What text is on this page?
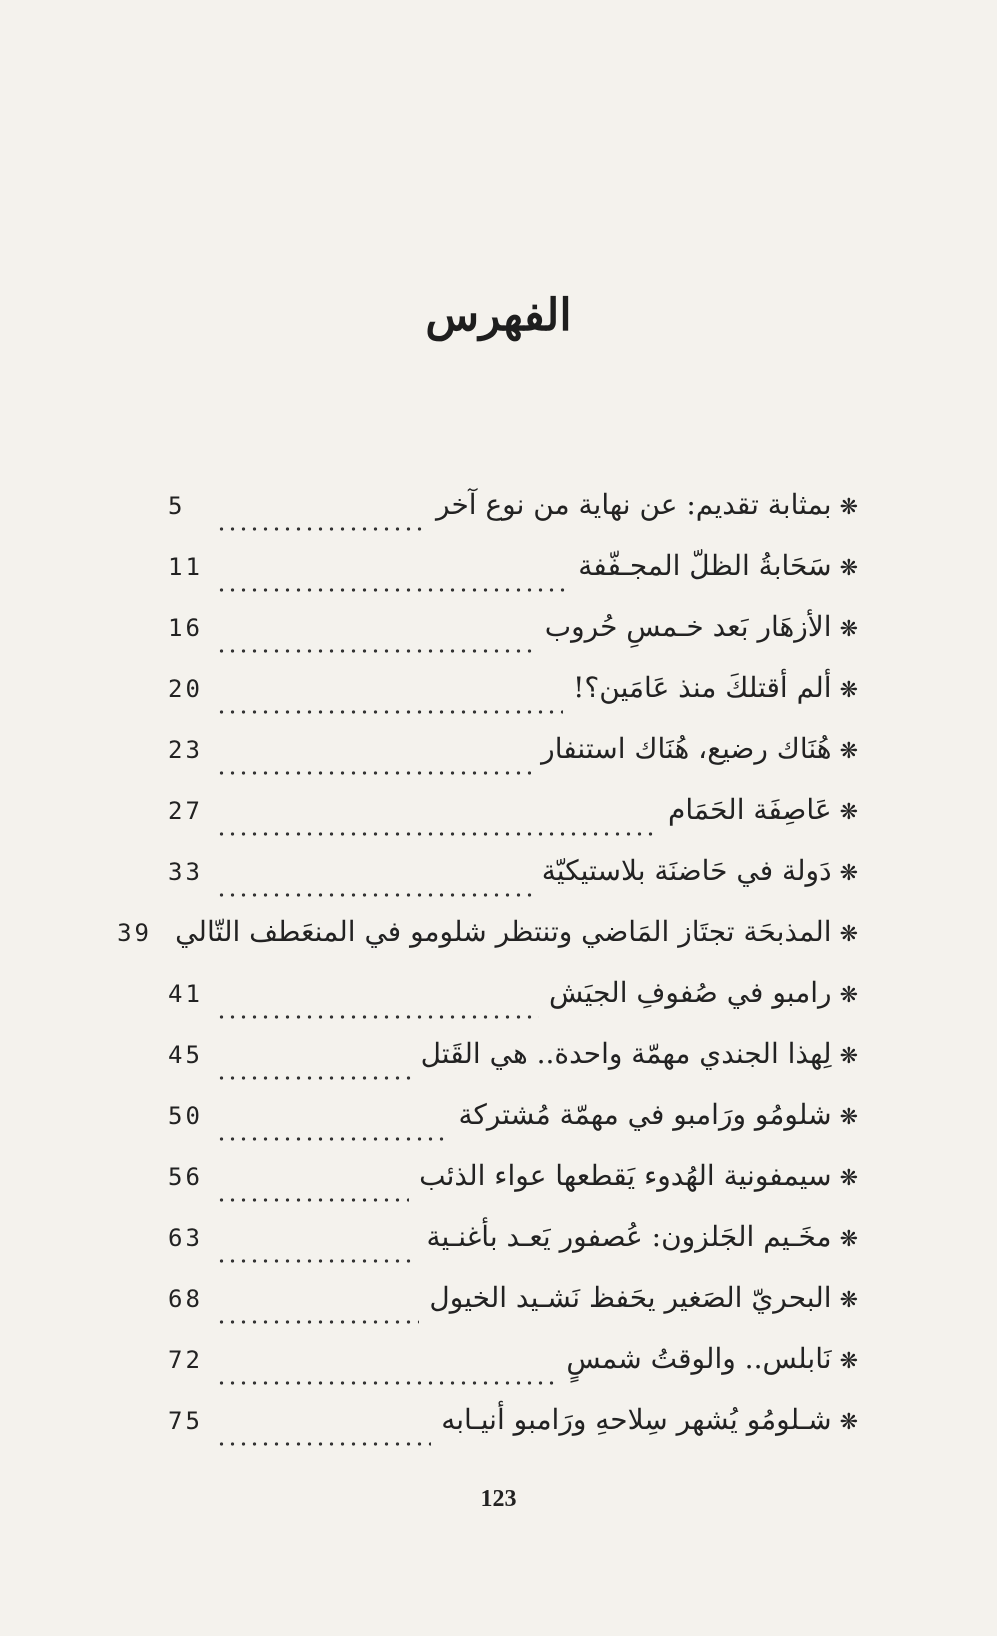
الفهرس
❋
بمثابة تقديم: عن نهاية من نوع آخر
5
❋
سَحَابةُ الظلّ المجـفّفة
11
❋
الأزهَار بَعد خـمسِ حُروب
16
❋
ألم أقتلكَ منذ عَامَين؟!
20
❋
هُنَاك رضيع، هُنَاك استنفار
23
❋
عَاصِفَة الحَمَام
27
❋
دَولة في حَاضنَة بلاستيكيّة
33
❋
المذبحَة تجتَاز المَاضي وتنتظر شلومو في المنعَطف التّالي
39
❋
رامبو في صُفوفِ الجيَش
41
❋
لِهذا الجندي مهمّة واحدة.. هي القَتل
45
❋
شلومُو ورَامبو في مهمّة مُشتركة
50
❋
سيمفونية الهُدوء يَقطعها عواء الذئب
56
❋
مخَـيم الجَلزون: عُصفور يَعـد بأغنـية
63
❋
البحريّ الصَغير يحَفظ نَشـيد الخيول
68
❋
نَابلس.. والوقتُ شمسٍ
72
❋
شـلومُو يُشهر سِلاحهِ ورَامبو أنيـابه
75
123
